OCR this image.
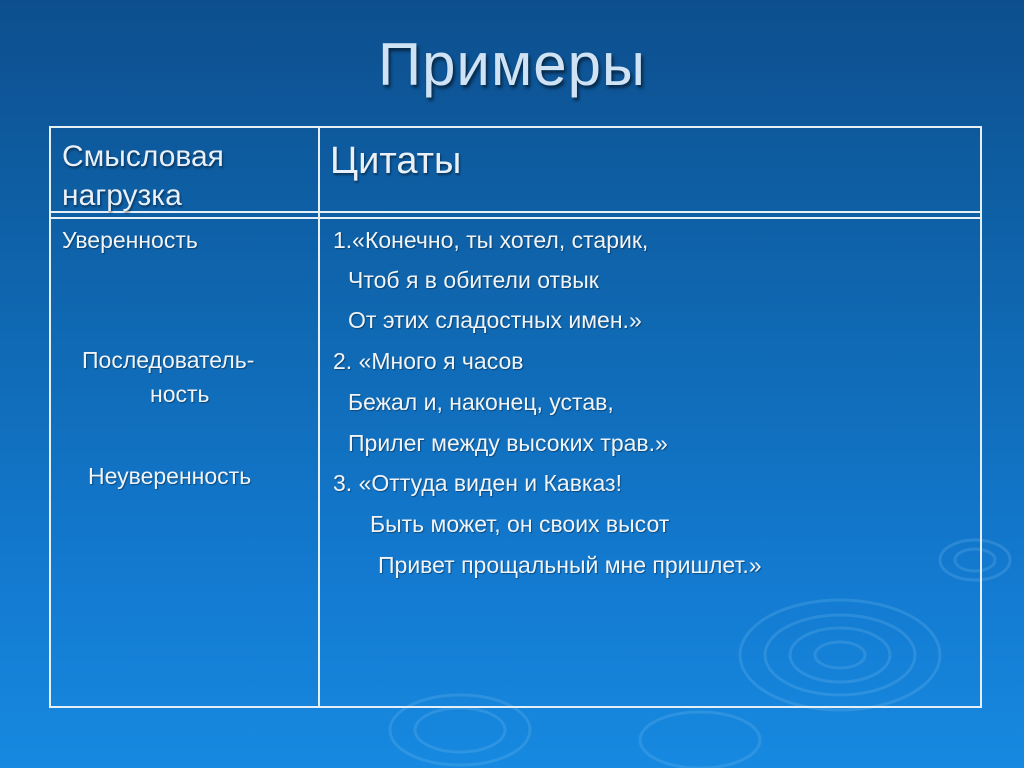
Примеры
Смысловая
нагрузка
Цитаты
Уверенность
Последователь-
ность
Неуверенность
1.«Конечно, ты хотел, старик,
Чтоб я в обители отвык
От этих сладостных имен.»
2. «Много я часов
Бежал и, наконец, устав,
Прилег между высоких трав.»
3. «Оттуда виден и Кавказ!
Быть может, он своих высот
Привет прощальный мне пришлет.»
